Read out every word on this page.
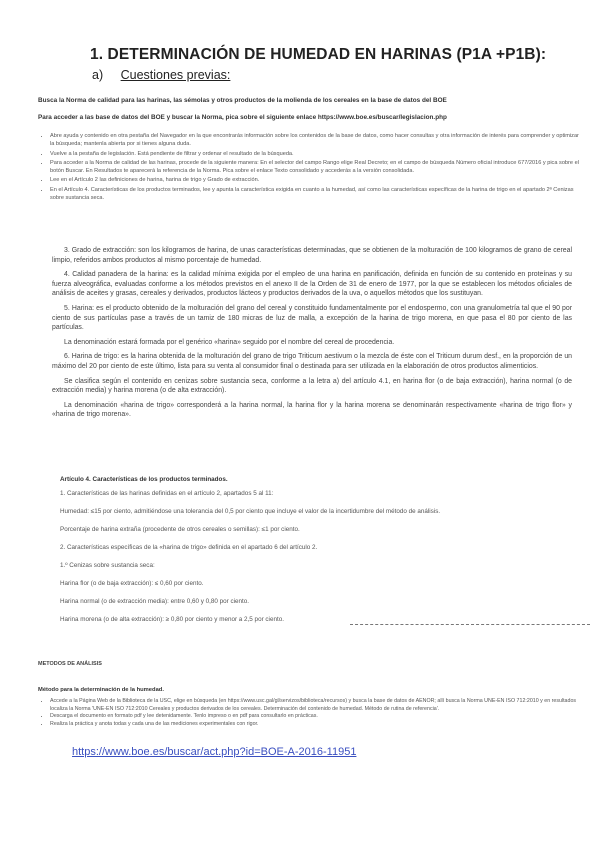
1. DETERMINACIÓN DE HUMEDAD EN HARINAS (P1A +P1B):
a) Cuestiones previas:
Busca la Norma de calidad para las harinas, las sémolas y otros productos de la molienda de los cereales en la base de datos del BOE
Para acceder a las base de datos del BOE y buscar la Norma, pica sobre el siguiente enlace https://www.boe.es/buscar/legislacion.php
• Abre ayuda y contenido en otra pestaña del Navegador en la que encontrarás información sobre los contenidos de la base de datos, como hacer consultas y otra información de interés para comprender y optimizar la búsqueda; mantenla abierta por si tienes alguna duda.
• Vuelve a la pestaña de legislación. Está pendiente de filtrar y ordenar el resultado de la búsqueda.
• Para acceder a la Norma de calidad de las harinas, procede de la siguiente manera: En el selector del campo Rango elige Real Decreto; en el campo de búsqueda Número oficial introduce 677/2016 y pica sobre el botón Buscar. En Resultados te aparecerá la referencia de la Norma. Pica sobre el enlace Texto consolidado y accederás a la versión consolidada.
• Lee en el Artículo 2 las definiciones de harina, harina de trigo y Grado de extracción.
• En el Artículo 4. Características de los productos terminados, lee y apunta la característica exigida en cuanto a la humedad, así como las características específicas de la harina de trigo en el apartado 2ª Cenizas sobre sustancia seca.

3. Grado de extracción: son los kilogramos de harina, de unas características determinadas, que se obtienen de la molturación de 100 kilogramos de grano de cereal limpio, referidos ambos productos al mismo porcentaje de humedad.

4. Calidad panadera de la harina: es la calidad mínima exigida por el empleo de una harina en panificación, definida en función de su contenido en proteínas y su fuerza alveográfica, evaluadas conforme a los métodos previstos en el anexo II de la Orden de 31 de enero de 1977, por la que se establecen los métodos oficiales de análisis de aceites y grasas, cereales y derivados, productos lácteos y productos derivados de la uva, o aquellos métodos que los sustituyan.

5. Harina: es el producto obtenido de la molturación del grano del cereal y constituido fundamentalmente por el endospermo, con una granulometría tal que el 90 por ciento de sus partículas pase a través de un tamiz de 180 micras de luz de malla, a excepción de la harina de trigo morena, en que pasa el 80 por ciento de las partículas.

La denominación estará formada por el genérico «harina» seguido por el nombre del cereal de procedencia.

6. Harina de trigo: es la harina obtenida de la molturación del grano de trigo Triticum aestivum o la mezcla de éste con el Triticum durum desf., en la proporción de un máximo del 20 por ciento de este último, lista para su venta al consumidor final o destinada para ser utilizada en la elaboración de otros productos alimenticios.

Se clasifica según el contenido en cenizas sobre sustancia seca, conforme a la letra a) del artículo 4.1, en harina flor (o de baja extracción), harina normal (o de extracción media) y harina morena (o de alta extracción).

La denominación «harina de trigo» corresponderá a la harina normal, la harina flor y la harina morena se denominarán respectivamente «harina de trigo flor» y «harina de trigo morena».

Artículo 4. Características de los productos terminados.

1. Características de las harinas definidas en el artículo 2, apartados 5 al 11:

Humedad: ≤15 por ciento, admitiéndose una tolerancia del 0,5 por ciento que incluye el valor de la incertidumbre del método de análisis.

Porcentaje de harina extraña (procedente de otros cereales o semillas): ≤1 por ciento.

2. Características específicas de la «harina de trigo» definida en el apartado 6 del artículo 2.

1.º Cenizas sobre sustancia seca:

Harina flor (o de baja extracción): ≤ 0,60 por ciento.

Harina normal (o de extracción media): entre 0,60 y 0,80 por ciento.

Harina morena (o de alta extracción): ≥ 0,80 por ciento y menor a 2,5 por ciento.

METODOS DE ANÁLISIS
Método para la determinación de la humedad.
• Accede a la Página Web de la Biblioteca de la USC, elige en búsqueda (en https://www.usc.gal/gl/servizos/biblioteca/recursos) y busca la base de datos de AENOR; allí busca la Norma UNE-EN ISO 712:2010 y en resultados localiza la Norma 'UNE-EN ISO 712:2010 Cereales y productos derivados de los cereales. Determinación del contenido de humedad. Método de rutina de referencia'.
• Descarga el documento en formato pdf y lee detenidamente. Tenlo impreso o en pdf para consultarlo en prácticas.
• Realiza la práctica y anota todas y cada una de las mediciones experimentales con rigor.
https://www.boe.es/buscar/act.php?id=BOE-A-2016-11951
